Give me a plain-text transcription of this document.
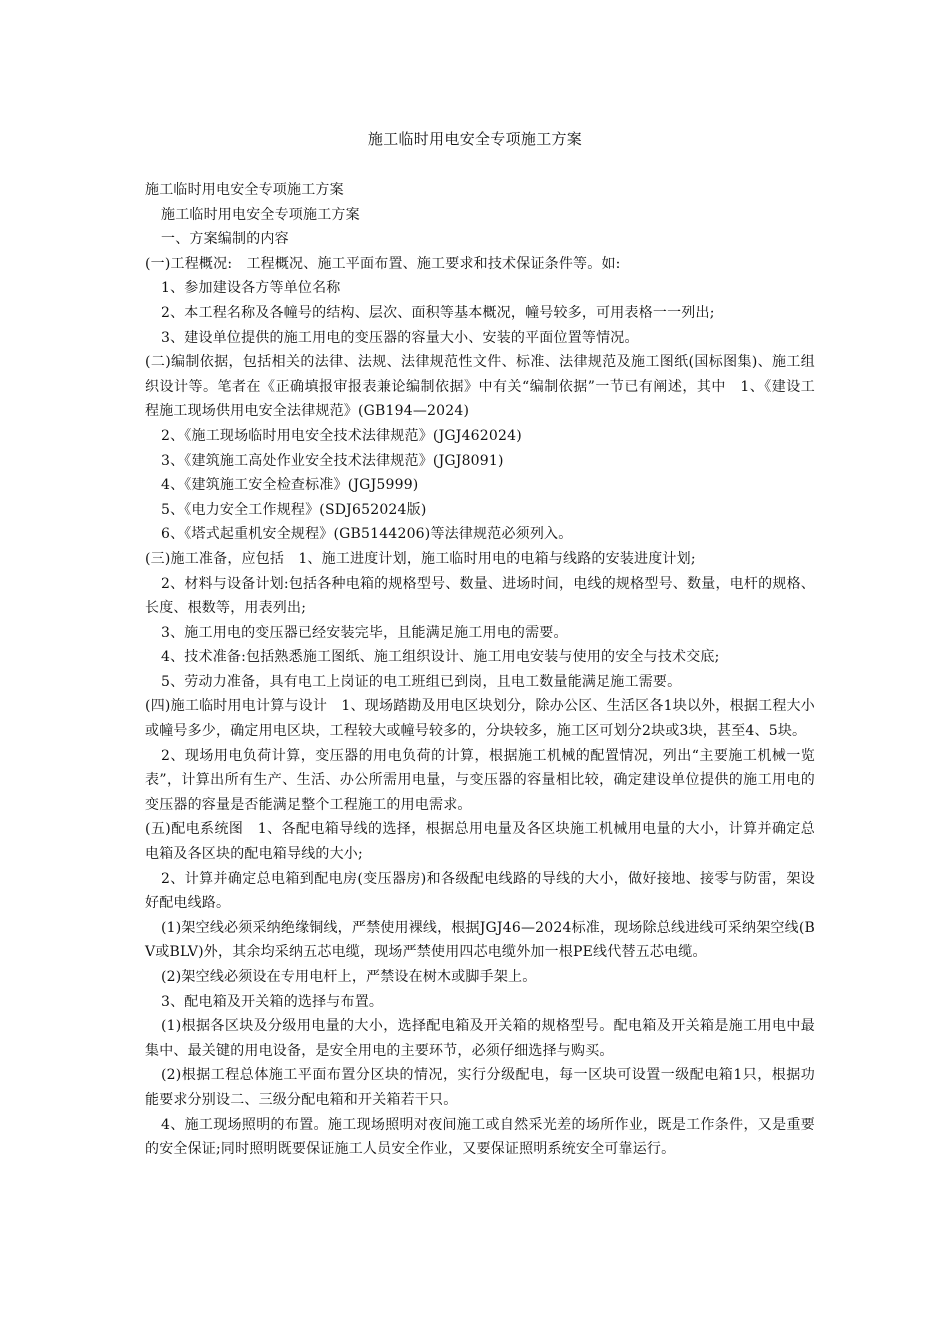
施工临时用电安全专项施工方案

施工临时用电安全专项施工方案

施工临时用电安全专项施工方案

一、方案编制的内容

(一)工程概况:　工程概况、施工平面布置、施工要求和技术保证条件等。如:

1、参加建设各方等单位名称

2、本工程名称及各幢号的结构、层次、面积等基本概况，幢号较多，可用表格一一列出;

3、建设单位提供的施工用电的变压器的容量大小、安装的平面位置等情况。

(二)编制依据，包括相关的法律、法规、法律规范性文件、标准、法律规范及施工图纸(国标图集)、施工组织设计等。笔者在《正确填报审报表兼论编制依据》中有关“编制依据”一节已有阐述，其中　1、《建设工程施工现场供用电安全法律规范》(GB194—2024)

2、《施工现场临时用电安全技术法律规范》(JGJ462024)

3、《建筑施工高处作业安全技术法律规范》(JGJ8091)

4、《建筑施工安全检查标准》(JGJ5999)

5、《电力安全工作规程》(SDJ652024版)

6、《塔式起重机安全规程》(GB5144206)等法律规范必须列入。

(三)施工准备，应包括　1、施工进度计划，施工临时用电的电箱与线路的安装进度计划;

2、材料与设备计划:包括各种电箱的规格型号、数量、进场时间，电线的规格型号、数量，电杆的规格、长度、根数等，用表列出;

3、施工用电的变压器已经安装完毕，且能满足施工用电的需要。

4、技术准备:包括熟悉施工图纸、施工组织设计、施工用电安装与使用的安全与技术交底;

5、劳动力准备，具有电工上岗证的电工班组已到岗，且电工数量能满足施工需要。

(四)施工临时用电计算与设计　1、现场踏勘及用电区块划分，除办公区、生活区各1块以外，根据工程大小或幢号多少，确定用电区块，工程较大或幢号较多的，分块较多，施工区可划分2块或3块，甚至4、5块。

2、现场用电负荷计算，变压器的用电负荷的计算，根据施工机械的配置情况，列出“主要施工机械一览表”，计算出所有生产、生活、办公所需用电量，与变压器的容量相比较，确定建设单位提供的施工用电的变压器的容量是否能满足整个工程施工的用电需求。

(五)配电系统图　1、各配电箱导线的选择，根据总用电量及各区块施工机械用电量的大小，计算并确定总电箱及各区块的配电箱导线的大小;

2、计算并确定总电箱到配电房(变压器房)和各级配电线路的导线的大小，做好接地、接零与防雷，架设好配电线路。

(1)架空线必须采纳绝缘铜线，严禁使用裸线，根据JGJ46—2024标准，现场除总线进线可采纳架空线(BV或BLV)外，其余均采纳五芯电缆，现场严禁使用四芯电缆外加一根PE线代替五芯电缆。

(2)架空线必须设在专用电杆上，严禁设在树木或脚手架上。

3、配电箱及开关箱的选择与布置。

(1)根据各区块及分级用电量的大小，选择配电箱及开关箱的规格型号。配电箱及开关箱是施工用电中最集中、最关键的用电设备，是安全用电的主要环节，必须仔细选择与购买。

(2)根据工程总体施工平面布置分区块的情况，实行分级配电，每一区块可设置一级配电箱1只，根据功能要求分别设二、三级分配电箱和开关箱若干只。

4、施工现场照明的布置。施工现场照明对夜间施工或自然采光差的场所作业，既是工作条件，又是重要的安全保证;同时照明既要保证施工人员安全作业，又要保证照明系统安全可靠运行。
